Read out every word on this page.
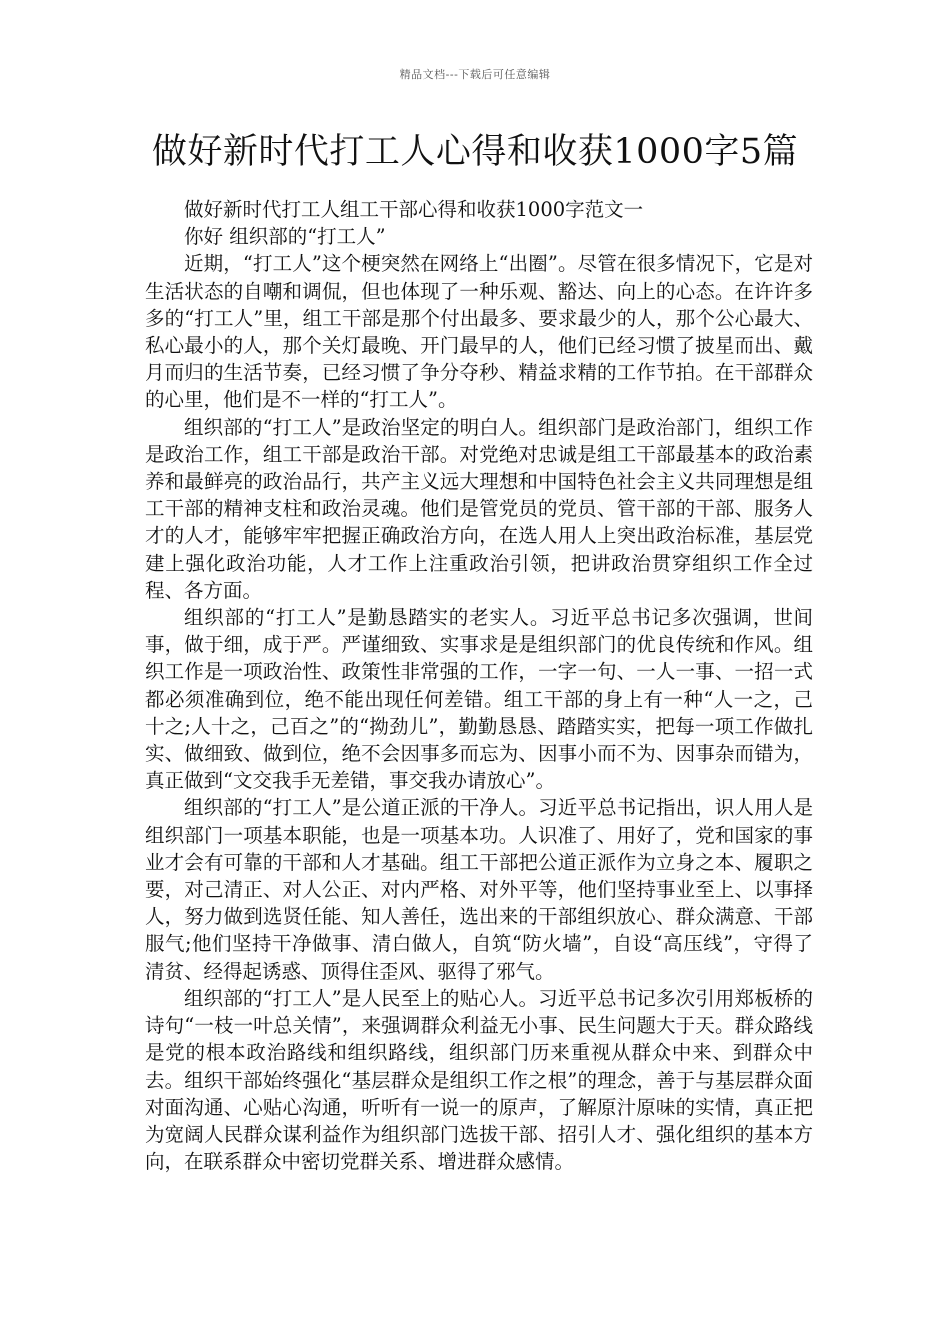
精品文档---下载后可任意编辑
做好新时代打工人心得和收获1000字5篇

做好新时代打工人组工干部心得和收获1000字范文一

你好 组织部的“打工人”

近期，“打工人”这个梗突然在网络上“出圈”。尽管在很多情况下，它是对生活状态的自嘲和调侃，但也体现了一种乐观、豁达、向上的心态。在许许多多的“打工人”里，组工干部是那个付出最多、要求最少的人，那个公心最大、私心最小的人，那个关灯最晚、开门最早的人，他们已经习惯了披星而出、戴月而归的生活节奏，已经习惯了争分夺秒、精益求精的工作节拍。在干部群众的心里，他们是不一样的“打工人”。

组织部的“打工人”是政治坚定的明白人。组织部门是政治部门，组织工作是政治工作，组工干部是政治干部。对党绝对忠诚是组工干部最基本的政治素养和最鲜亮的政治品行，共产主义远大理想和中国特色社会主义共同理想是组工干部的精神支柱和政治灵魂。他们是管党员的党员、管干部的干部、服务人才的人才，能够牢牢把握正确政治方向，在选人用人上突出政治标准，基层党建上强化政治功能，人才工作上注重政治引领，把讲政治贯穿组织工作全过程、各方面。

组织部的“打工人”是勤恳踏实的老实人。习近平总书记多次强调，世间事，做于细，成于严。严谨细致、实事求是是组织部门的优良传统和作风。组织工作是一项政治性、政策性非常强的工作，一字一句、一人一事、一招一式都必须准确到位，绝不能出现任何差错。组工干部的身上有一种“人一之，己十之;人十之，己百之”的“拗劲儿”，勤勤恳恳、踏踏实实，把每一项工作做扎实、做细致、做到位，绝不会因事多而忘为、因事小而不为、因事杂而错为，真正做到“文交我手无差错，事交我办请放心”。

组织部的“打工人”是公道正派的干净人。习近平总书记指出，识人用人是组织部门一项基本职能，也是一项基本功。人识准了、用好了，党和国家的事业才会有可靠的干部和人才基础。组工干部把公道正派作为立身之本、履职之要，对己清正、对人公正、对内严格、对外平等，他们坚持事业至上、以事择人，努力做到选贤任能、知人善任，选出来的干部组织放心、群众满意、干部服气;他们坚持干净做事、清白做人，自筑“防火墙”，自设“高压线”，守得了清贫、经得起诱惑、顶得住歪风、驱得了邪气。

组织部的“打工人”是人民至上的贴心人。习近平总书记多次引用郑板桥的诗句“一枝一叶总关情”，来强调群众利益无小事、民生问题大于天。群众路线是党的根本政治路线和组织路线，组织部门历来重视从群众中来、到群众中去。组织干部始终强化“基层群众是组织工作之根”的理念，善于与基层群众面对面沟通、心贴心沟通，听听有一说一的原声，了解原汁原味的实情，真正把为宽阔人民群众谋利益作为组织部门选拔干部、招引人才、强化组织的基本方向，在联系群众中密切党群关系、增进群众感情。
